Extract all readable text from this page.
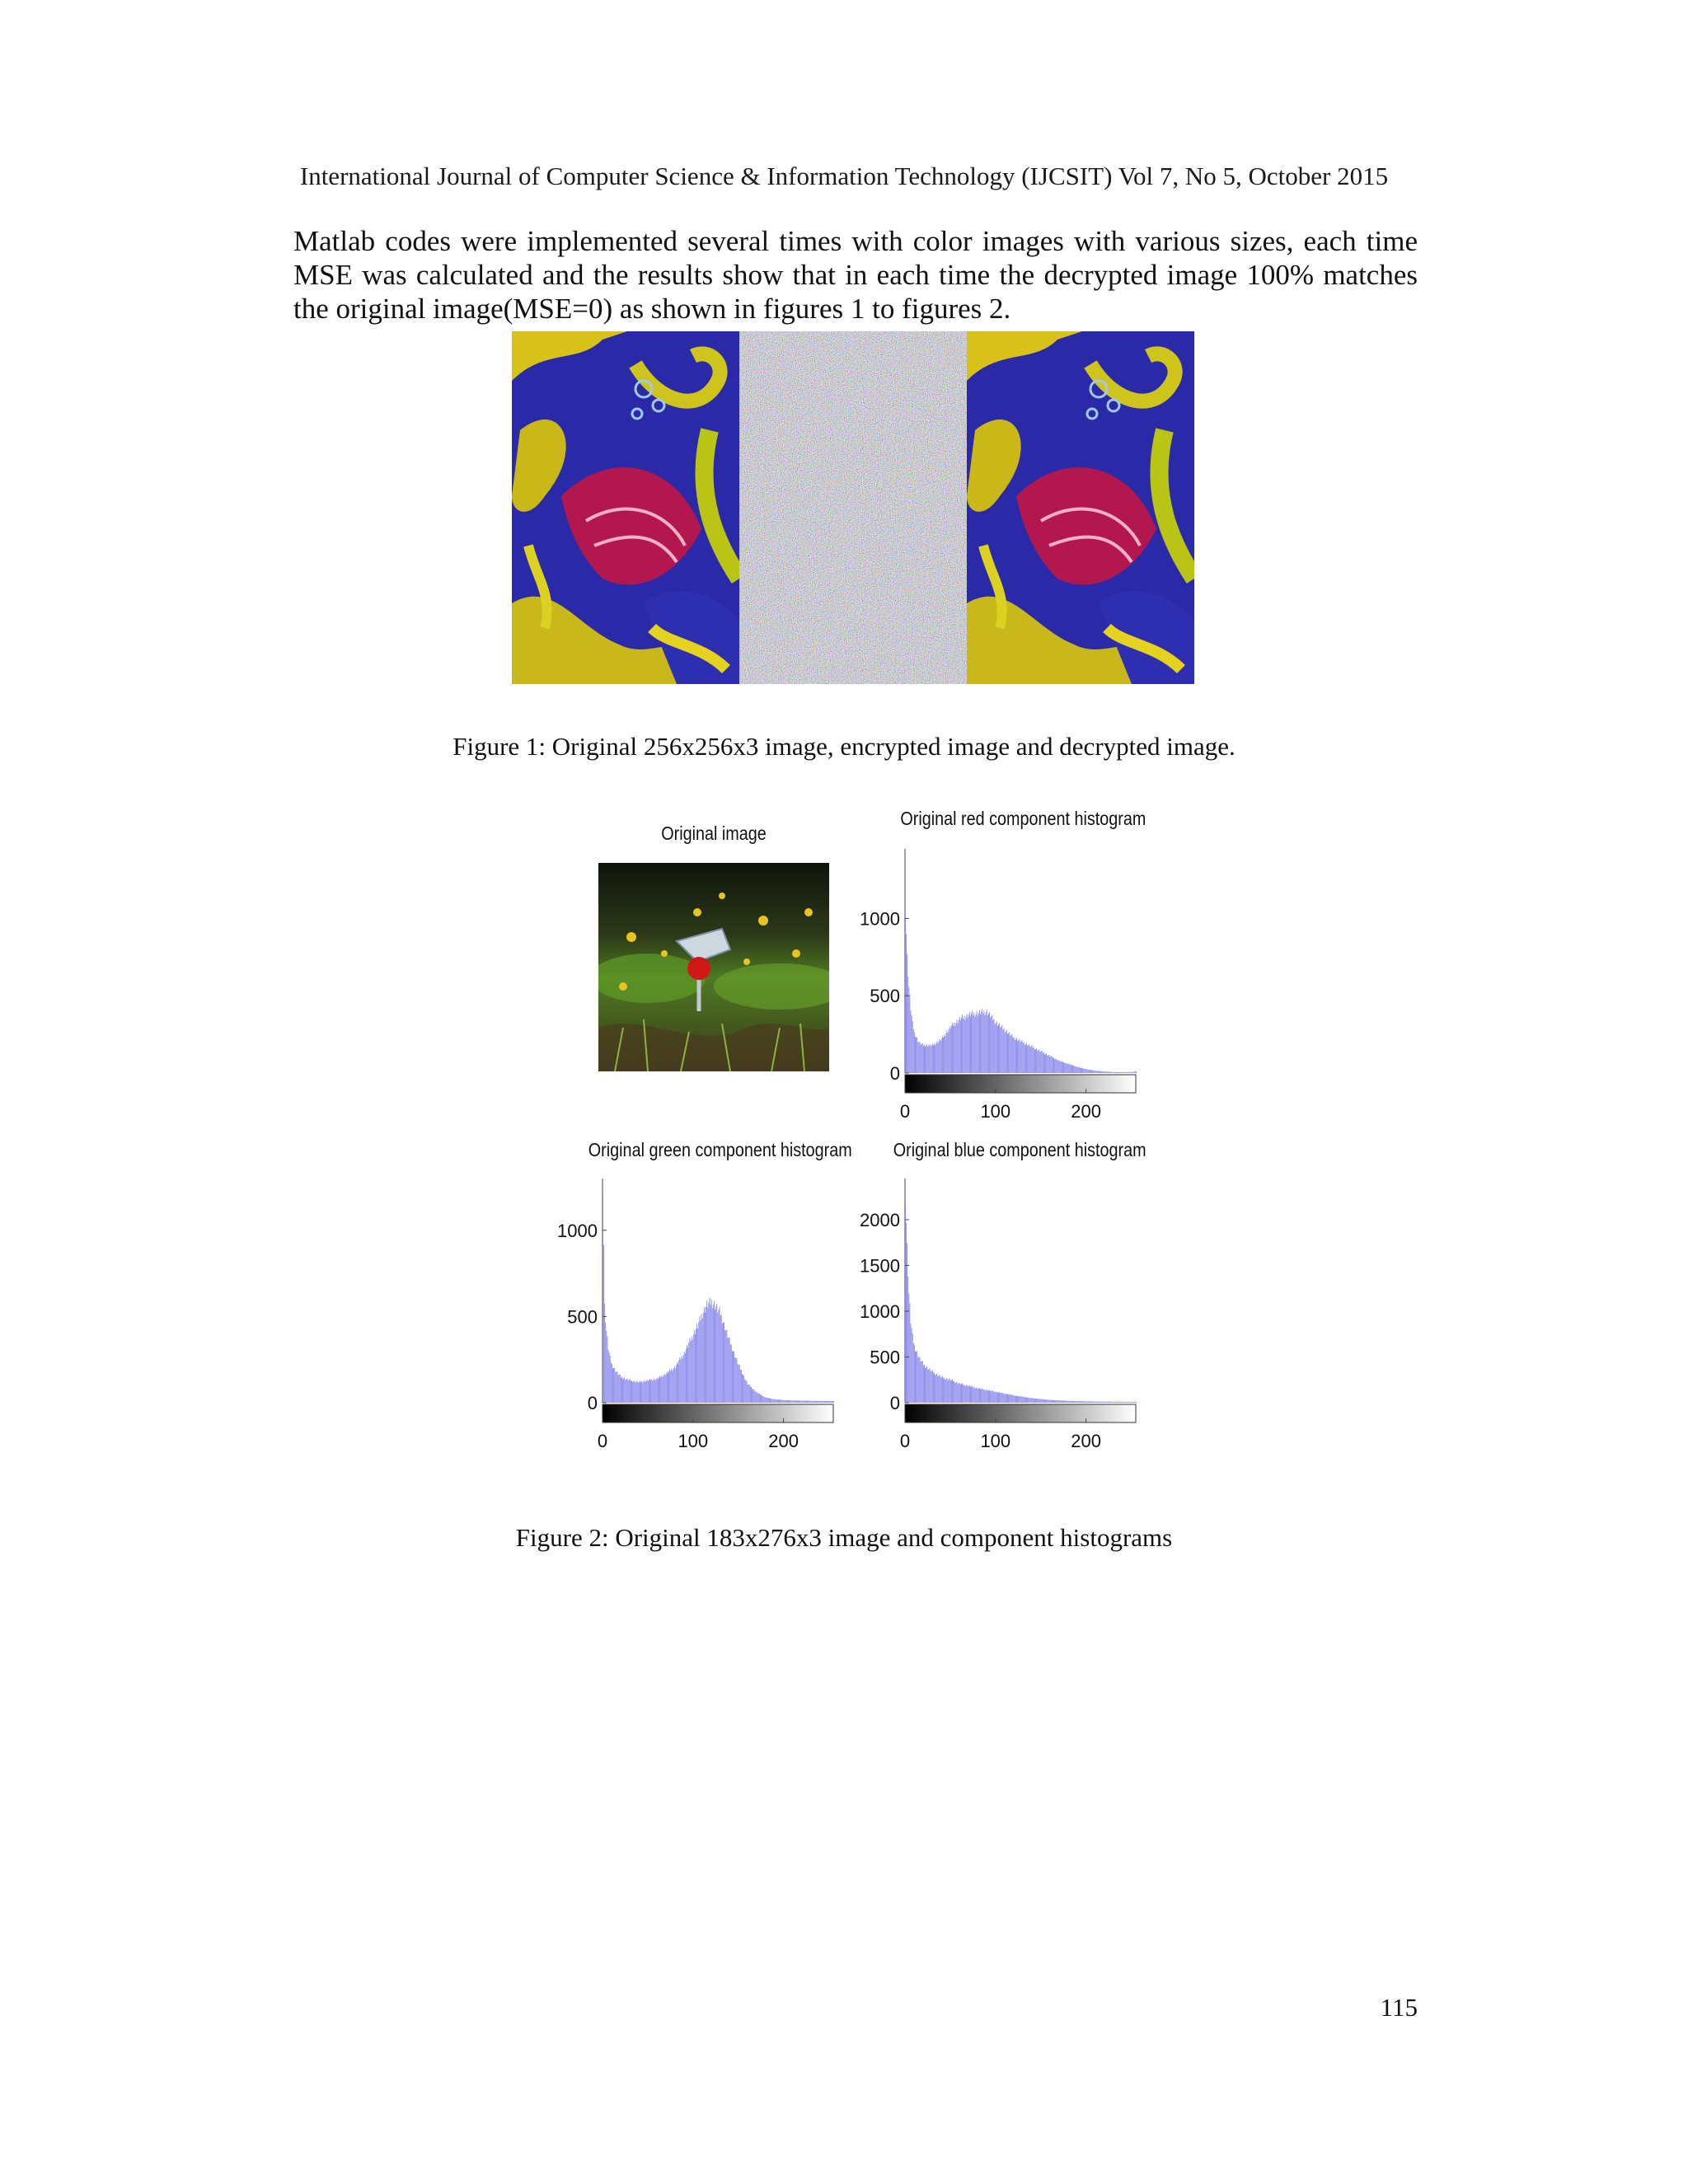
International Journal of Computer Science & Information Technology (IJCSIT) Vol 7, No 5, October 2015
Matlab codes were implemented several times with color images with various sizes, each time MSE was calculated and the results show that in each time the decrypted image 100% matches the original image(MSE=0) as shown in figures 1 to figures 2.
Figure 1: Original 256x256x3 image, encrypted image and decrypted image.
Original image
Original red component histogram
0
500
1000
0	100	200
Original green component histogram
0
500
1000
0	100	200
Original blue component histogram
0
500
1000
1500
2000
0	100	200
Figure 2: Original 183x276x3 image and component histograms
115
